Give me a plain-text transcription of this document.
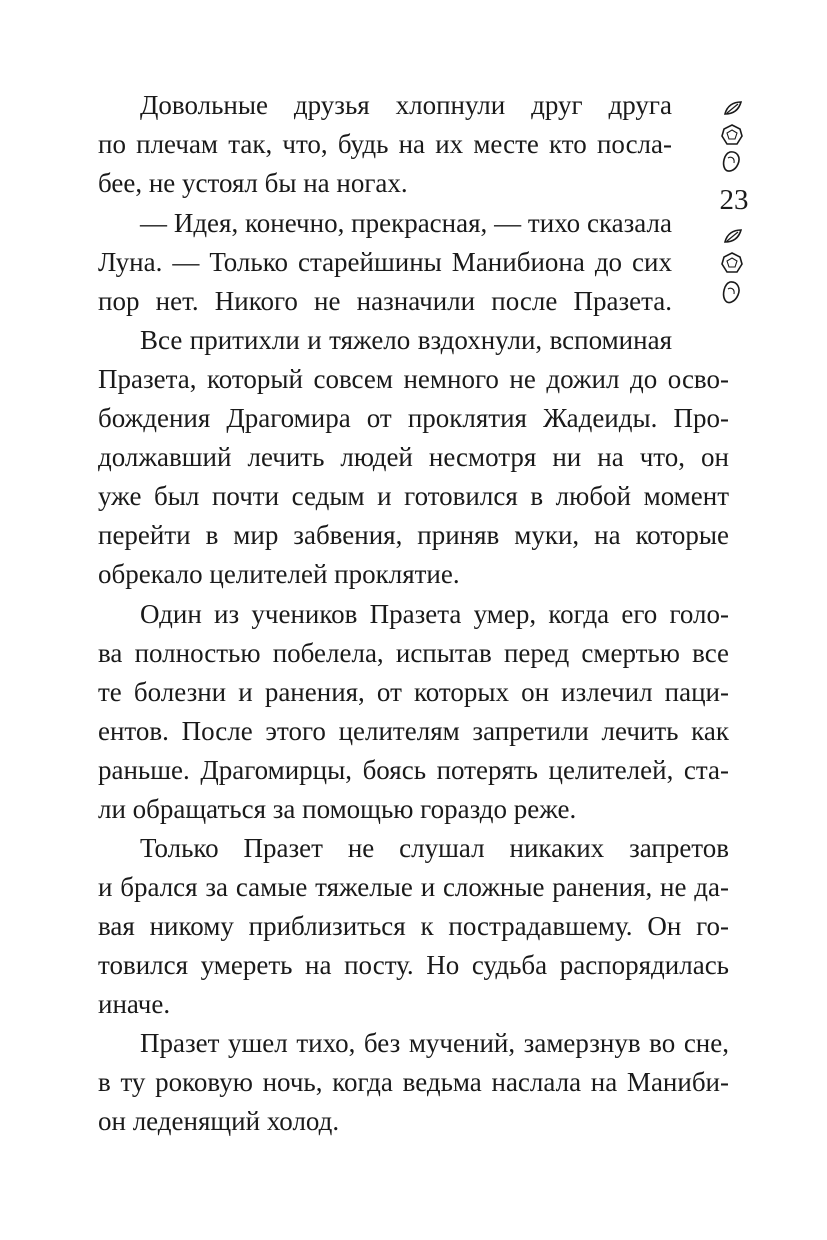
Довольные друзья хлопнули друг друга
по плечам так, что, будь на их месте кто посла-
бее, не устоял бы на ногах.
— Идея, конечно, прекрасная, — тихо сказала
Луна. — Только старейшины Манибиона до сих
пор нет. Никого не назначили после Празета.
Все притихли и тяжело вздохнули, вспоминая
Празета, который совсем немного не дожил до осво-
бождения Драгомира от проклятия Жадеиды. Про-
должавший лечить людей несмотря ни на что, он
уже был почти седым и готовился в любой момент
перейти в мир забвения, приняв муки, на которые
обрекало целителей проклятие.
Один из учеников Празета умер, когда его голо-
ва полностью побелела, испытав перед смертью все
те болезни и ранения, от которых он излечил паци-
ентов. После этого целителям запретили лечить как
раньше. Драгомирцы, боясь потерять целителей, ста-
ли обращаться за помощью гораздо реже.
Только Празет не слушал никаких запретов
и брался за самые тяжелые и сложные ранения, не да-
вая никому приблизиться к пострадавшему. Он го-
товился умереть на посту. Но судьба распорядилась
иначе.
Празет ушел тихо, без мучений, замерзнув во сне,
в ту роковую ночь, когда ведьма наслала на Маниби-
он леденящий холод.
23
